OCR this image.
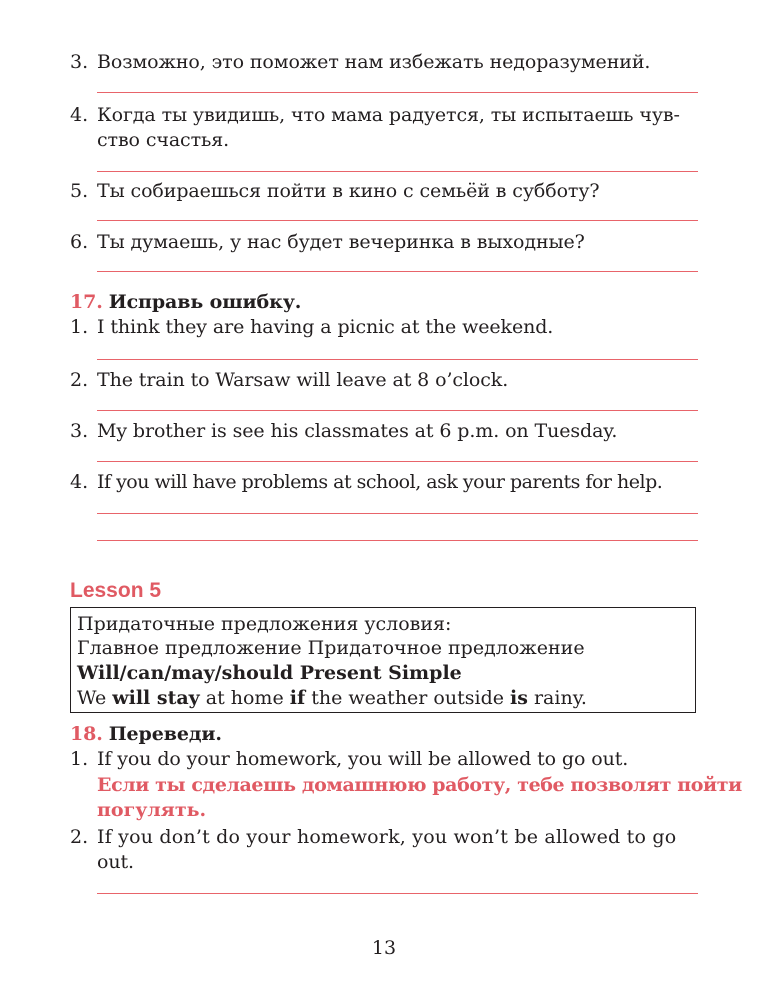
3. Возможно, это поможет нам избежать недоразумений.
4. Когда ты увидишь, что мама радуется, ты испытаешь чув-
ство счастья.
5. Ты собираешься пойти в кино с семьёй в субботу?
6. Ты думаешь, у нас будет вечеринка в выходные?
17. Исправь ошибку.
1. I think they are having a picnic at the weekend.
2. The train to Warsaw will leave at 8 o’clock.
3. My brother is see his classmates at 6 p.m. on Tuesday.
4. If you will have problems at school, ask your parents for help.
Lesson 5
Придаточные предложения условия:
Главное предложение Придаточное предложение
Will/can/may/should Present Simple
We will stay at home if the weather outside is rainy.
18. Переведи.
1. If you do your homework, you will be allowed to go out.
Если ты сделаешь домашнюю работу, тебе позволят пойти
погулять.
2. If you don’t do your homework, you won’t be allowed to go
out.
13
